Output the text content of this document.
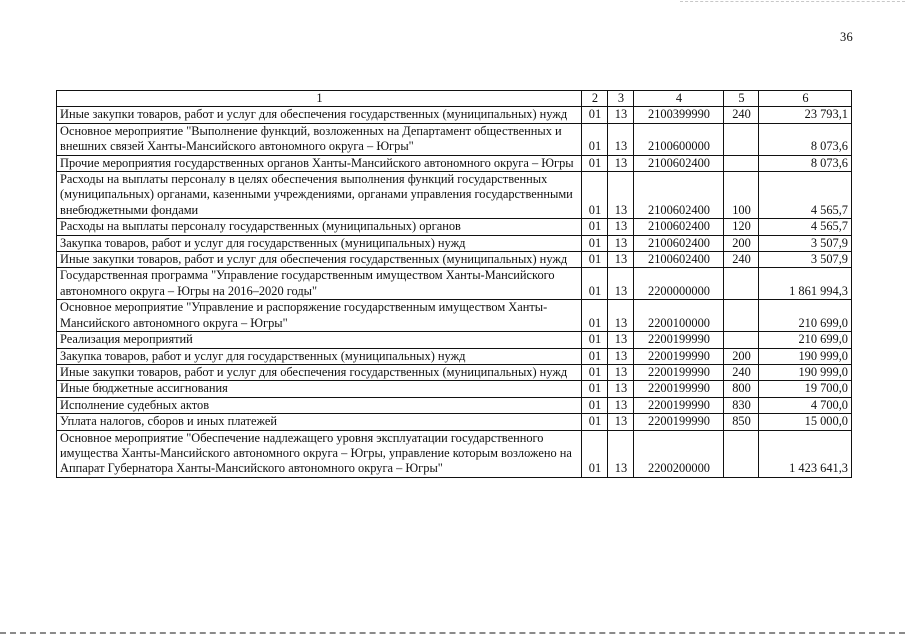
36
1	2	3	4	5	6
Иные закупки товаров, работ и услуг для обеспечения государственных (муниципальных) нужд	01	13	2100399990	240	23 793,1
Основное мероприятие "Выполнение функций, возложенных на Департамент общественных и внешних связей Ханты-Мансийского автономного округа – Югры"	01	13	2100600000		8 073,6
Прочие мероприятия государственных органов Ханты-Мансийского автономного округа – Югры	01	13	2100602400		8 073,6
Расходы на выплаты персоналу в целях обеспечения выполнения функций государственных (муниципальных) органами, казенными учреждениями, органами управления государственными внебюджетными фондами	01	13	2100602400	100	4 565,7
Расходы на выплаты персоналу государственных (муниципальных) органов	01	13	2100602400	120	4 565,7
Закупка товаров, работ и услуг для государственных (муниципальных) нужд	01	13	2100602400	200	3 507,9
Иные закупки товаров, работ и услуг для обеспечения государственных (муниципальных) нужд	01	13	2100602400	240	3 507,9
Государственная программа "Управление государственным имуществом Ханты-Мансийского автономного округа – Югры на 2016–2020 годы"	01	13	2200000000		1 861 994,3
Основное мероприятие "Управление и распоряжение государственным имуществом Ханты-Мансийского автономного округа – Югры"	01	13	2200100000		210 699,0
Реализация мероприятий	01	13	2200199990		210 699,0
Закупка товаров, работ и услуг для государственных (муниципальных) нужд	01	13	2200199990	200	190 999,0
Иные закупки товаров, работ и услуг для обеспечения государственных (муниципальных) нужд	01	13	2200199990	240	190 999,0
Иные бюджетные ассигнования	01	13	2200199990	800	19 700,0
Исполнение судебных актов	01	13	2200199990	830	4 700,0
Уплата налогов, сборов и иных платежей	01	13	2200199990	850	15 000,0
Основное мероприятие "Обеспечение надлежащего уровня эксплуатации государственного имущества Ханты-Мансийского автономного округа – Югры, управление которым возложено на Аппарат Губернатора Ханты-Мансийского автономного округа – Югры"	01	13	2200200000		1 423 641,3
